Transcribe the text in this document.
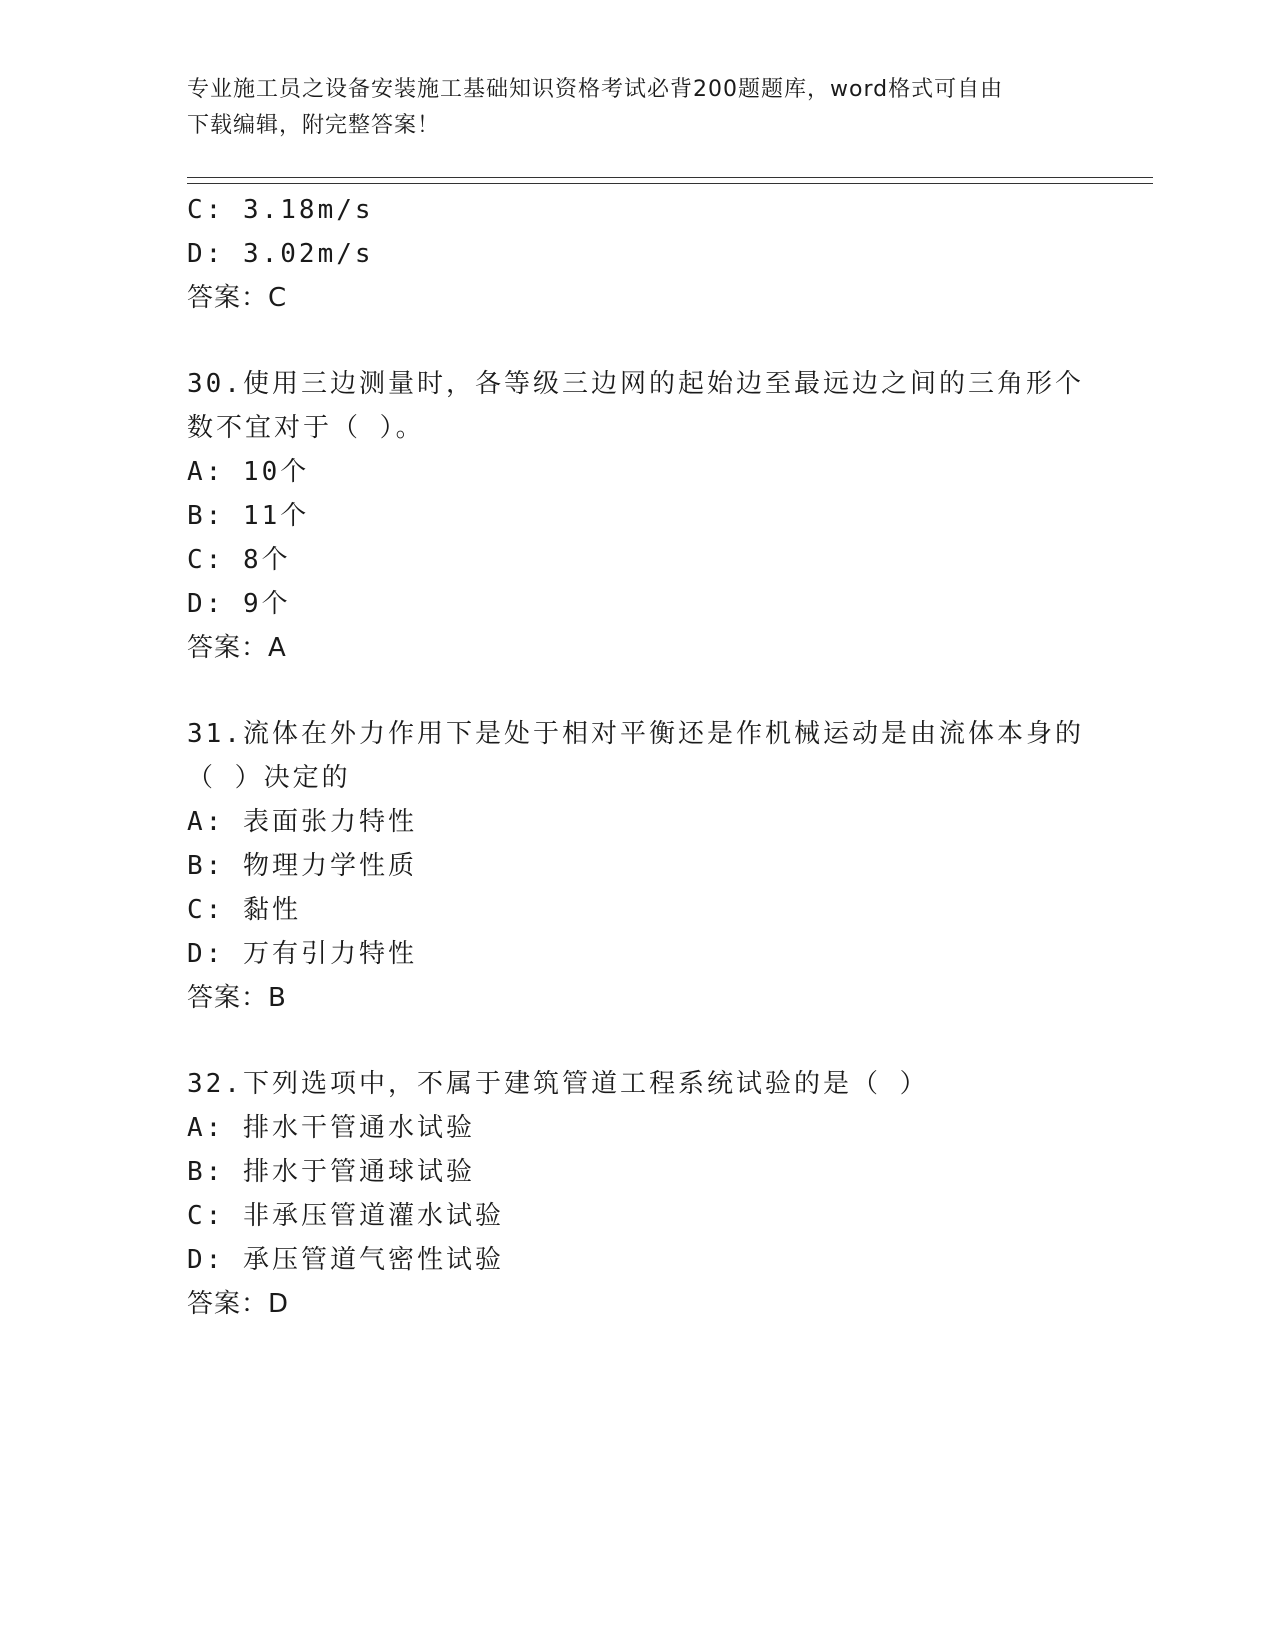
专业施工员之设备安装施工基础知识资格考试必背200题题库，word格式可自由
下载编辑，附完整答案！
C: 3.18m/s
D: 3.02m/s
答案：C
30.使用三边测量时，各等级三边网的起始边至最远边之间的三角形个
数不宜对于（ ）。
A: 10个
B: 11个
C: 8个
D: 9个
答案：A
31.流体在外力作用下是处于相对平衡还是作机械运动是由流体本身的
（ ）决定的
A: 表面张力特性
B: 物理力学性质
C: 黏性
D: 万有引力特性
答案：B
32.下列选项中，不属于建筑管道工程系统试验的是（ ）
A: 排水干管通水试验
B: 排水于管通球试验
C: 非承压管道灌水试验
D: 承压管道气密性试验
答案：D
